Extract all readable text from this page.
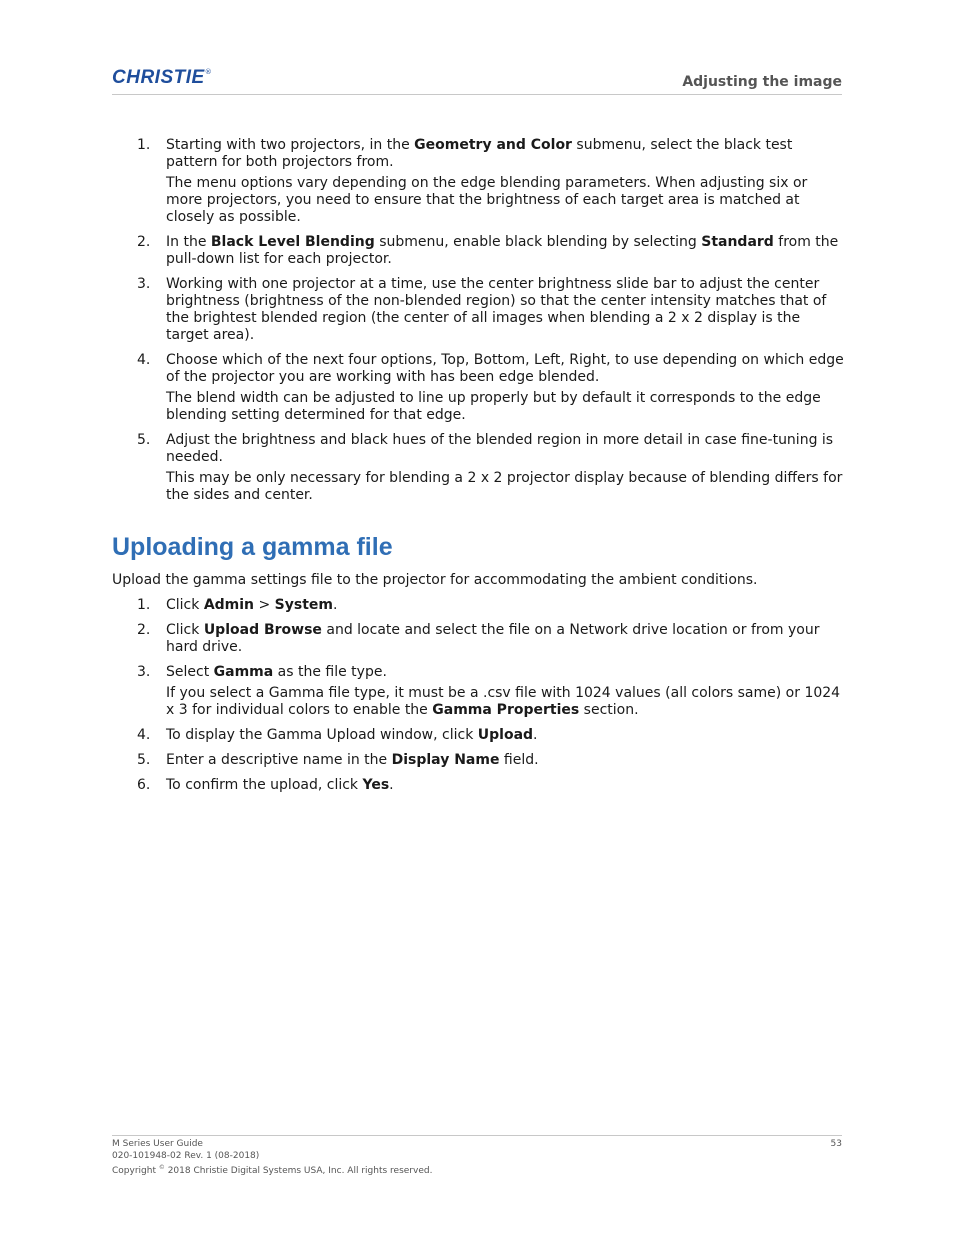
CHRISTIE®
Adjusting the image
1. Starting with two projectors, in the Geometry and Color submenu, select the black test pattern for both projectors from.
The menu options vary depending on the edge blending parameters. When adjusting six or more projectors, you need to ensure that the brightness of each target area is matched at closely as possible.
2. In the Black Level Blending submenu, enable black blending by selecting Standard from the pull-down list for each projector.
3. Working with one projector at a time, use the center brightness slide bar to adjust the center brightness (brightness of the non-blended region) so that the center intensity matches that of the brightest blended region (the center of all images when blending a 2 x 2 display is the target area).
4. Choose which of the next four options, Top, Bottom, Left, Right, to use depending on which edge of the projector you are working with has been edge blended.
The blend width can be adjusted to line up properly but by default it corresponds to the edge blending setting determined for that edge.
5. Adjust the brightness and black hues of the blended region in more detail in case fine-tuning is needed.
This may be only necessary for blending a 2 x 2 projector display because of blending differs for the sides and center.
Uploading a gamma file

Upload the gamma settings file to the projector for accommodating the ambient conditions.

1. Click Admin > System.
2. Click Upload Browse and locate and select the file on a Network drive location or from your hard drive.
3. Select Gamma as the file type.
If you select a Gamma file type, it must be a .csv file with 1024 values (all colors same) or 1024 x 3 for individual colors to enable the Gamma Properties section.
4. To display the Gamma Upload window, click Upload.
5. Enter a descriptive name in the Display Name field.
6. To confirm the upload, click Yes.
M Series User Guide
020-101948-02 Rev. 1 (08-2018)
Copyright © 2018 Christie Digital Systems USA, Inc. All rights reserved.
53
